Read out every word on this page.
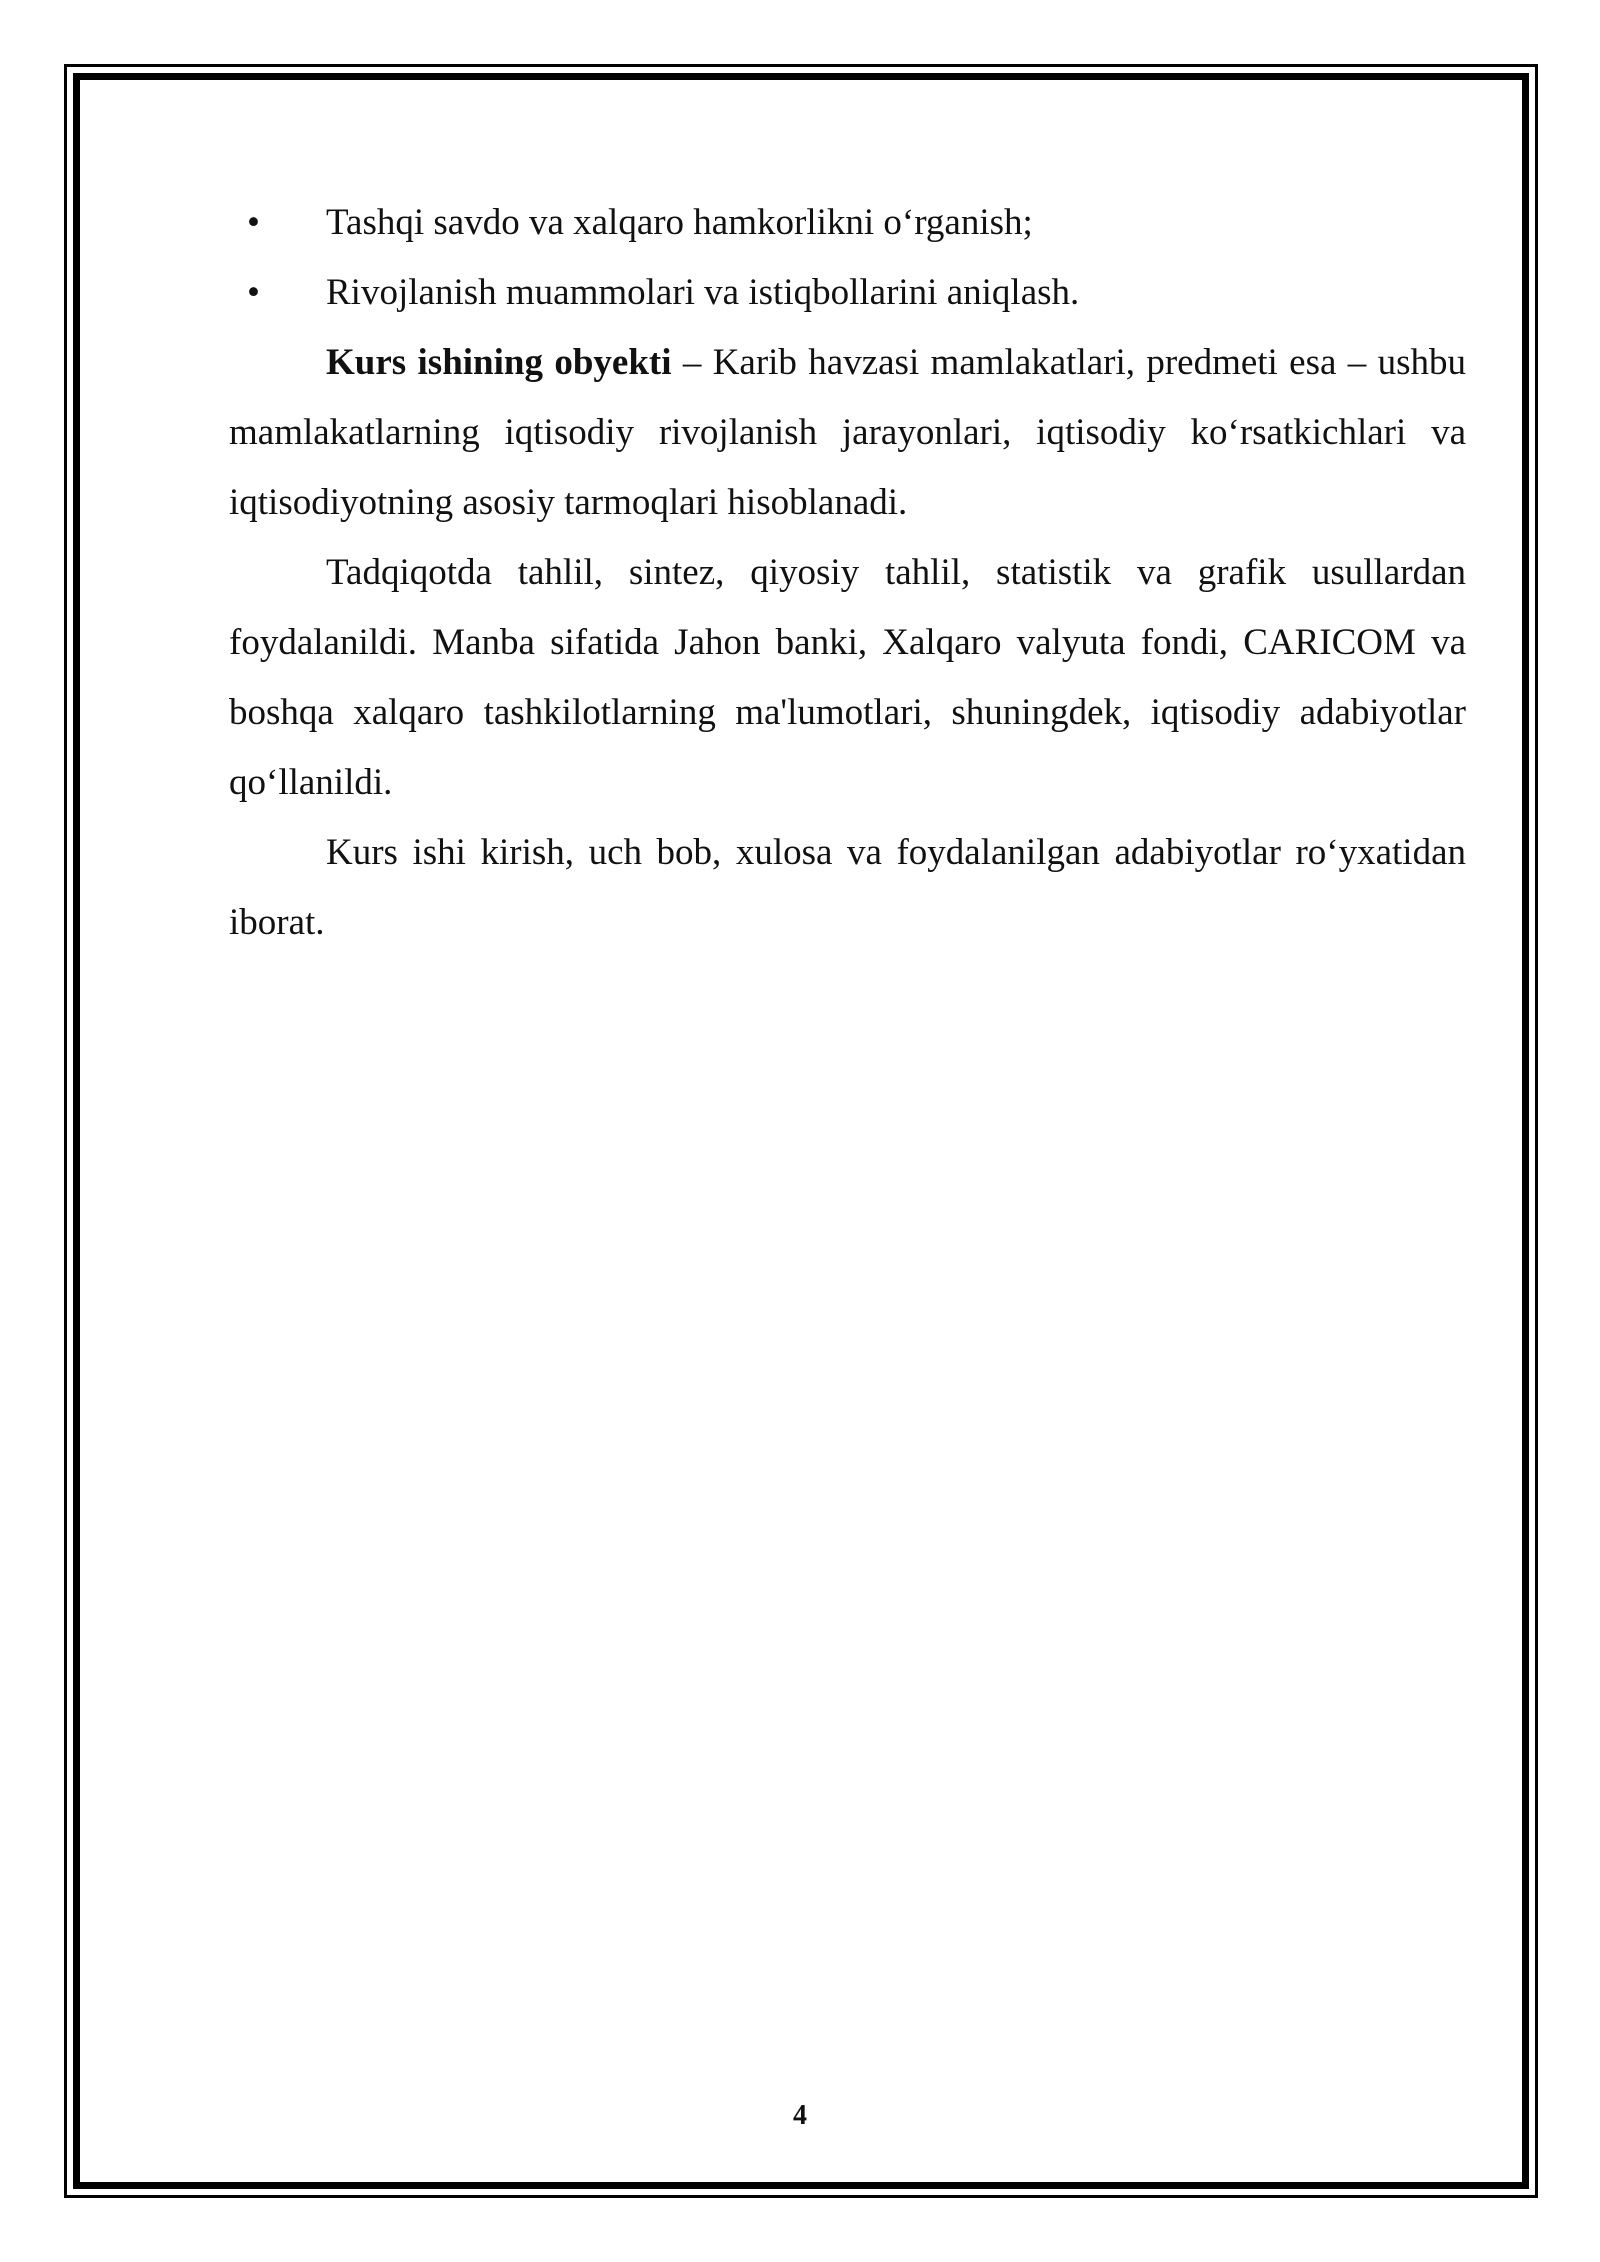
•	Tashqi savdo va xalqaro hamkorlikni o‘rganish;
•	Rivojlanish muammolari va istiqbollarini aniqlash.

Kurs ishining obyekti – Karib havzasi mamlakatlari, predmeti esa – ushbu mamlakatlarning iqtisodiy rivojlanish jarayonlari, iqtisodiy ko‘rsatkichlari va iqtisodiyotning asosiy tarmoqlari hisoblanadi.

Tadqiqotda tahlil, sintez, qiyosiy tahlil, statistik va grafik usullardan foydalanildi. Manba sifatida Jahon banki, Xalqaro valyuta fondi, CARICOM va boshqa xalqaro tashkilotlarning ma'lumotlari, shuningdek, iqtisodiy adabiyotlar qo‘llanildi.

Kurs ishi kirish, uch bob, xulosa va foydalanilgan adabiyotlar ro‘yxatidan iborat.

4
